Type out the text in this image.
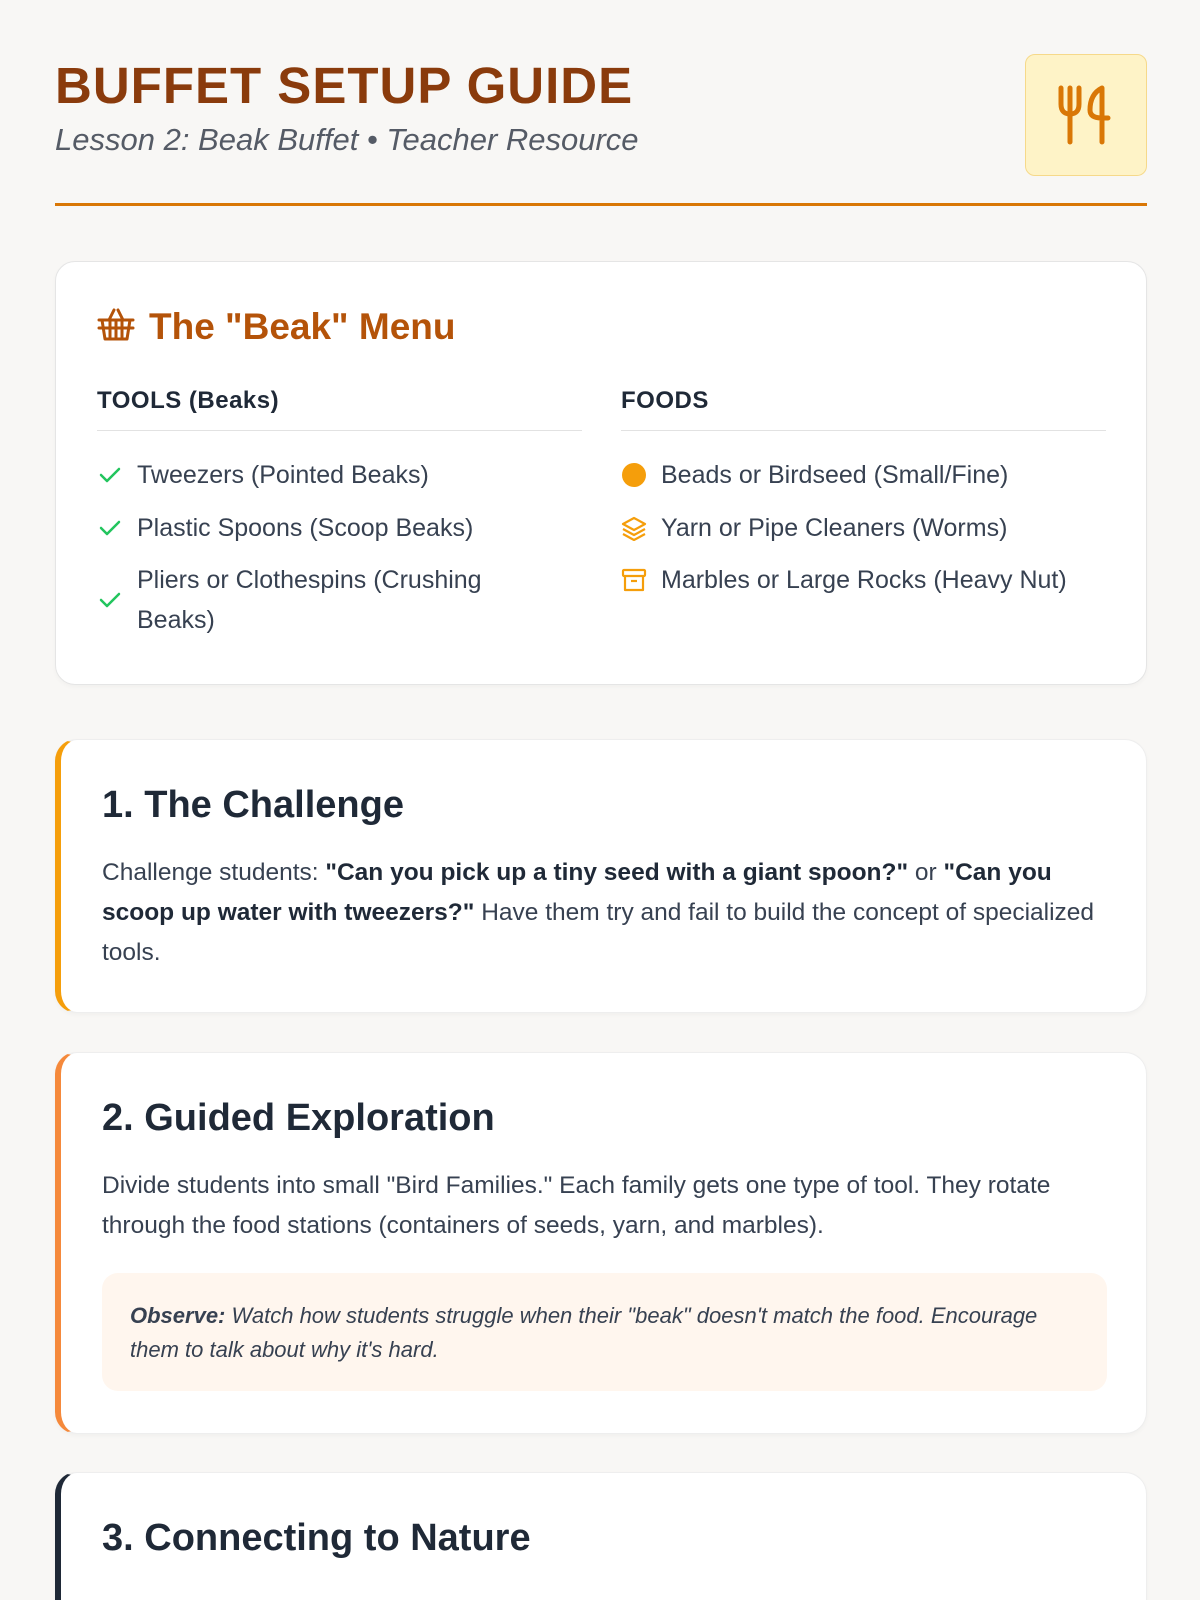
BUFFET SETUP GUIDE
Lesson 2: Beak Buffet • Teacher Resource
The "Beak" Menu
TOOLS (Beaks)
Tweezers (Pointed Beaks)
Plastic Spoons (Scoop Beaks)
Pliers or Clothespins (Crushing Beaks)
FOODS
Beads or Birdseed (Small/Fine)
Yarn or Pipe Cleaners (Worms)
Marbles or Large Rocks (Heavy Nut)
1. The Challenge

Challenge students: "Can you pick up a tiny seed with a giant spoon?" or "Can you scoop up water with tweezers?" Have them try and fail to build the concept of specialized tools.

2. Guided Exploration

Divide students into small "Bird Families." Each family gets one type of tool. They rotate through the food stations (containers of seeds, yarn, and marbles).

Observe: Watch how students struggle when their "beak" doesn't match the food. Encourage them to talk about why it's hard.
3. Connecting to Nature
